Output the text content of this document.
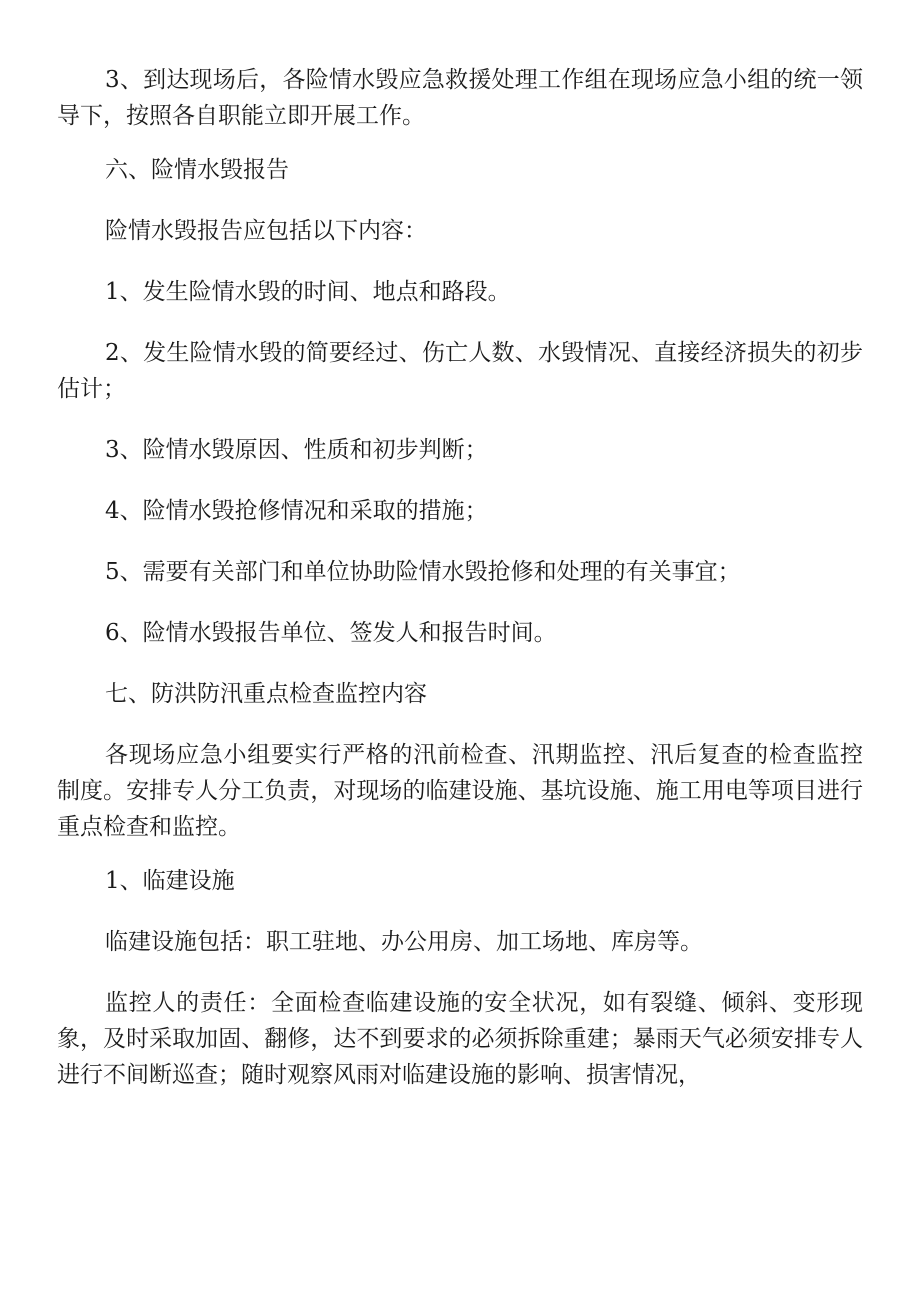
3、到达现场后，各险情水毁应急救援处理工作组在现场应急小组的统一领导下，按照各自职能立即开展工作。

六、险情水毁报告

险情水毁报告应包括以下内容：

1、发生险情水毁的时间、地点和路段。

2、发生险情水毁的简要经过、伤亡人数、水毁情况、直接经济损失的初步估计；

3、险情水毁原因、性质和初步判断；

4、险情水毁抢修情况和采取的措施；

5、需要有关部门和单位协助险情水毁抢修和处理的有关事宜；

6、险情水毁报告单位、签发人和报告时间。

七、防洪防汛重点检查监控内容

各现场应急小组要实行严格的汛前检查、汛期监控、汛后复查的检查监控制度。安排专人分工负责，对现场的临建设施、基坑设施、施工用电等项目进行重点检查和监控。

1、临建设施

临建设施包括：职工驻地、办公用房、加工场地、库房等。

监控人的责任：全面检查临建设施的安全状况，如有裂缝、倾斜、变形现象，及时采取加固、翻修，达不到要求的必须拆除重建；暴雨天气必须安排专人进行不间断巡查；随时观察风雨对临建设施的影响、损害情况，
